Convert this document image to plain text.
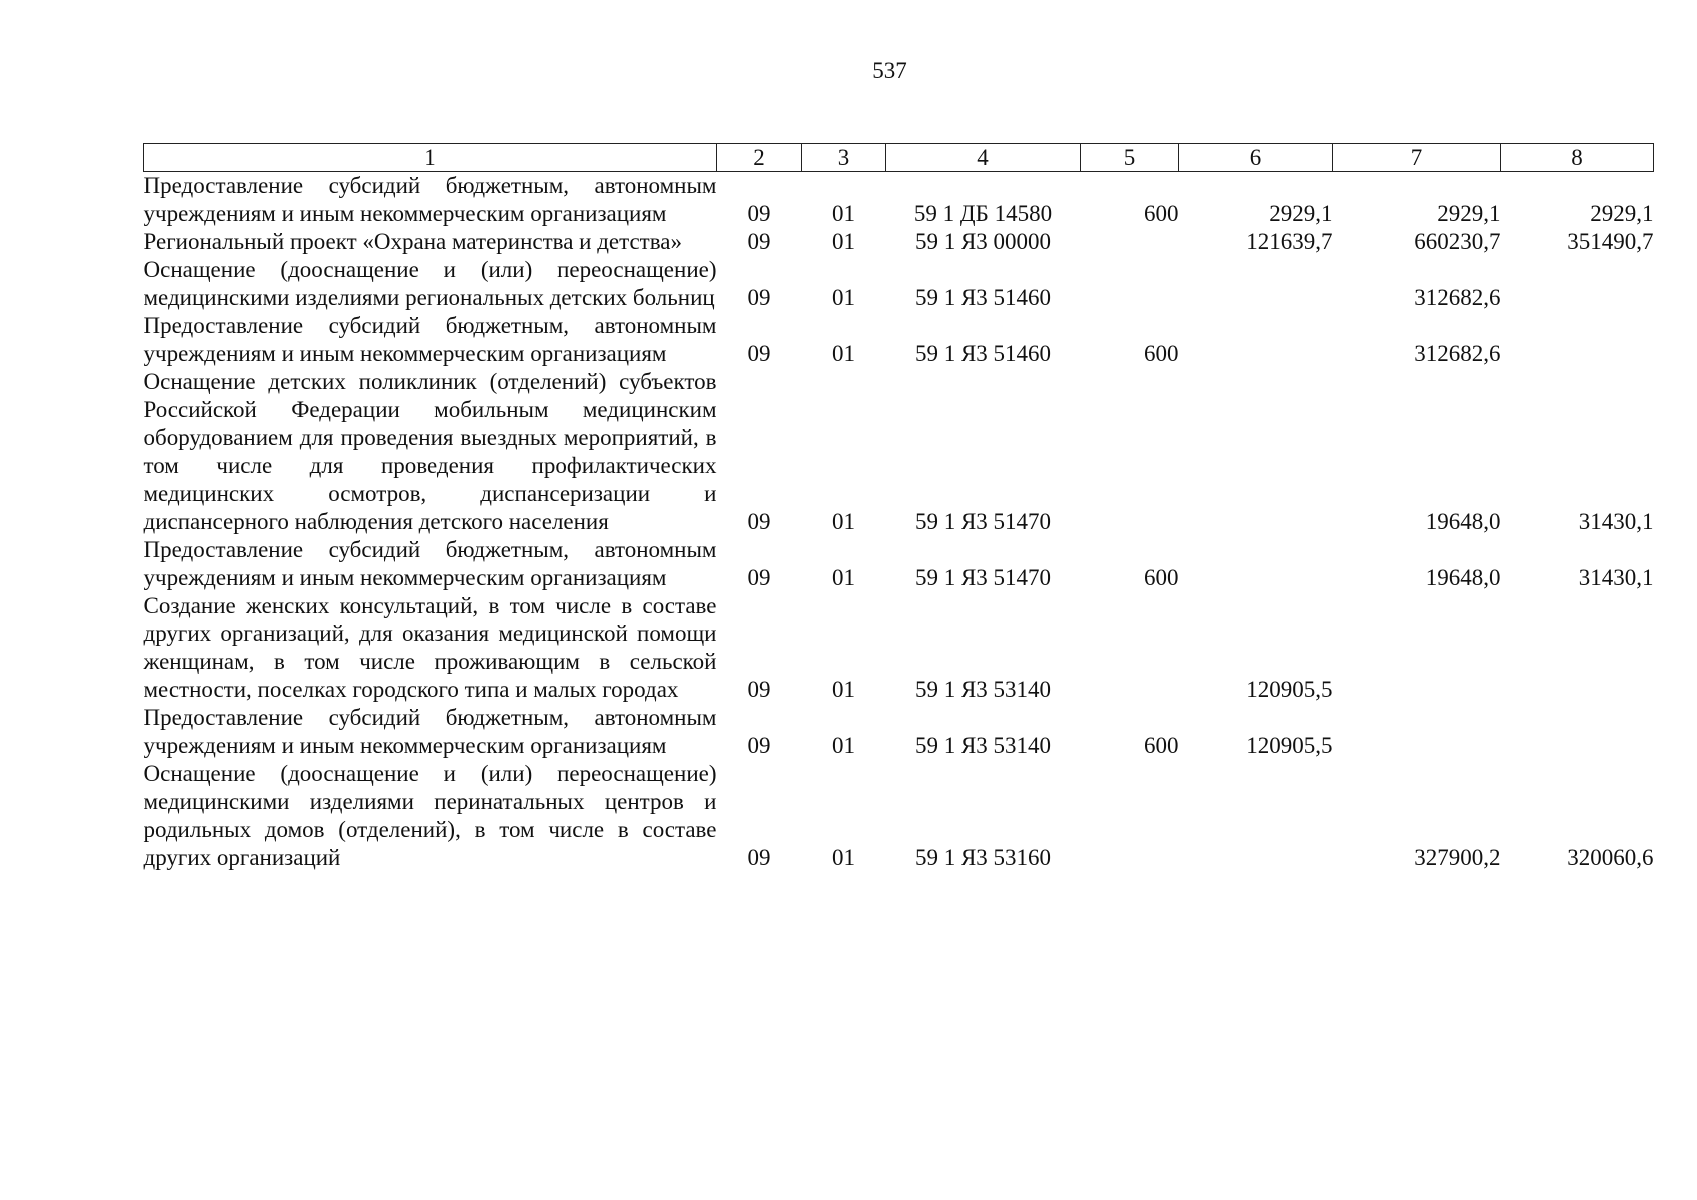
537
1	2	3	4	5	6	7	8
Предоставление субсидий бюджетным, автономным учреждениям и иным некоммерческим организациям	09	01	59 1 ДБ 14580	600	2929,1	2929,1	2929,1
Региональный проект «Охрана материнства и детства»	09	01	59 1 Я3 00000		121639,7	660230,7	351490,7
Оснащение (дооснащение и (или) переоснащение) медицинскими изделиями региональных детских больниц	09	01	59 1 Я3 51460			312682,6	
Предоставление субсидий бюджетным, автономным учреждениям и иным некоммерческим организациям	09	01	59 1 Я3 51460	600		312682,6	
Оснащение детских поликлиник (отделений) субъектов Российской Федерации мобильным медицинским оборудованием для проведения выездных мероприятий, в том числе для проведения профилактических медицинских осмотров, диспансеризации и диспансерного наблюдения детского населения	09	01	59 1 Я3 51470			19648,0	31430,1
Предоставление субсидий бюджетным, автономным учреждениям и иным некоммерческим организациям	09	01	59 1 Я3 51470	600		19648,0	31430,1
Создание женских консультаций, в том числе в составе других организаций, для оказания медицинской помощи женщинам, в том числе проживающим в сельской местности, поселках городского типа и малых городах	09	01	59 1 Я3 53140		120905,5		
Предоставление субсидий бюджетным, автономным учреждениям и иным некоммерческим организациям	09	01	59 1 Я3 53140	600	120905,5		
Оснащение (дооснащение и (или) переоснащение) медицинскими изделиями перинатальных центров и родильных домов (отделений), в том числе в составе других организаций	09	01	59 1 Я3 53160			327900,2	320060,6
